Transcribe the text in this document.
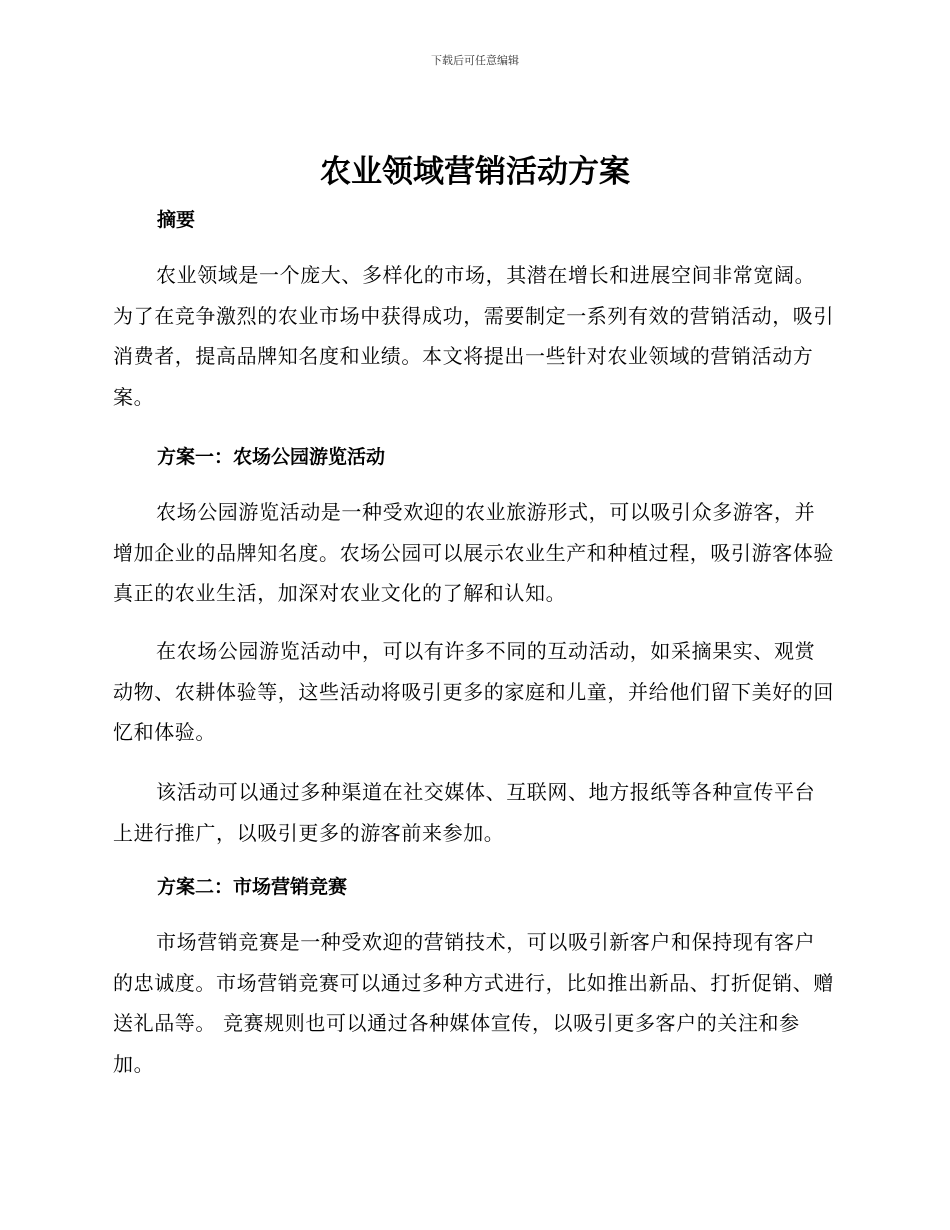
下载后可任意编辑
农业领域营销活动方案
摘要

农业领域是一个庞大、多样化的市场，其潜在增长和进展空间非常宽阔。为了在竞争激烈的农业市场中获得成功，需要制定一系列有效的营销活动，吸引消费者，提高品牌知名度和业绩。本文将提出一些针对农业领域的营销活动方案。

方案一：农场公园游览活动

农场公园游览活动是一种受欢迎的农业旅游形式，可以吸引众多游客，并增加企业的品牌知名度。农场公园可以展示农业生产和种植过程，吸引游客体验真正的农业生活，加深对农业文化的了解和认知。

在农场公园游览活动中，可以有许多不同的互动活动，如采摘果实、观赏动物、农耕体验等，这些活动将吸引更多的家庭和儿童，并给他们留下美好的回忆和体验。

该活动可以通过多种渠道在社交媒体、互联网、地方报纸等各种宣传平台上进行推广，以吸引更多的游客前来参加。

方案二：市场营销竞赛

市场营销竞赛是一种受欢迎的营销技术，可以吸引新客户和保持现有客户的忠诚度。市场营销竞赛可以通过多种方式进行，比如推出新品、打折促销、赠送礼品等。 竞赛规则也可以通过各种媒体宣传，以吸引更多客户的关注和参加。
